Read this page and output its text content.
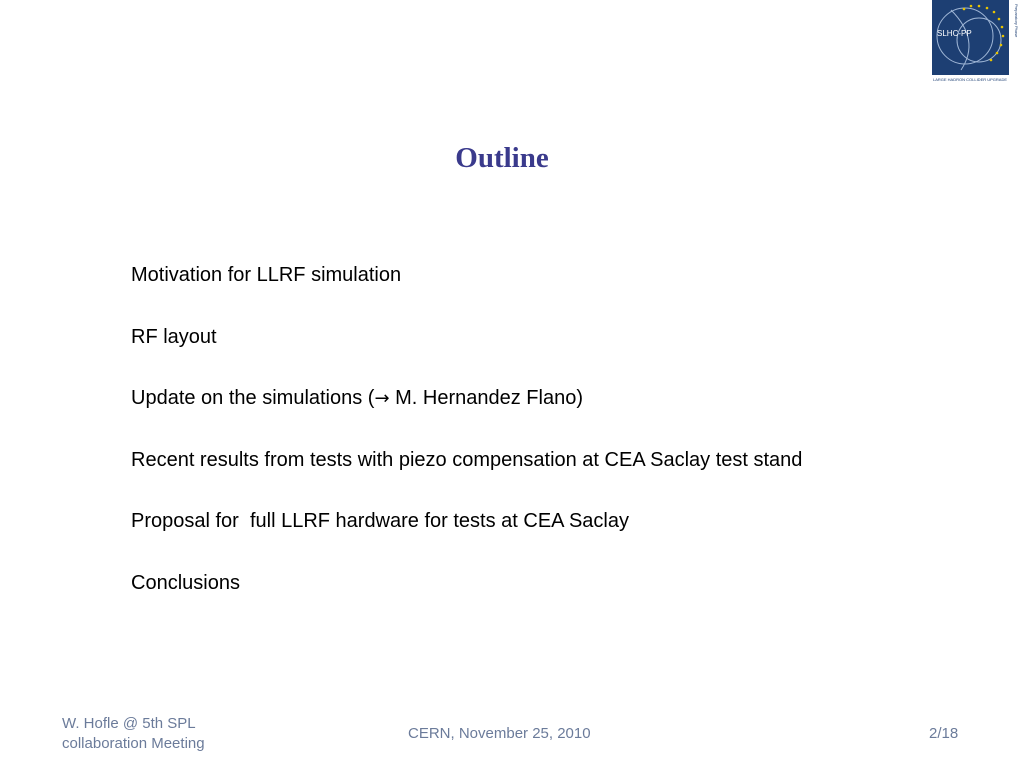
SLHC-PP
LARGE HADRON COLLIDER UPGRADE
Preparatory Phase
Outline
Motivation for LLRF simulation
RF layout
Update on the simulations (→ M. Hernandez Flano)
Recent results from tests with piezo compensation at CEA Saclay test stand
Proposal for  full LLRF hardware for tests at CEA Saclay
Conclusions
W. Hofle @ 5th SPL
collaboration Meeting
CERN, November 25, 2010	2/18
